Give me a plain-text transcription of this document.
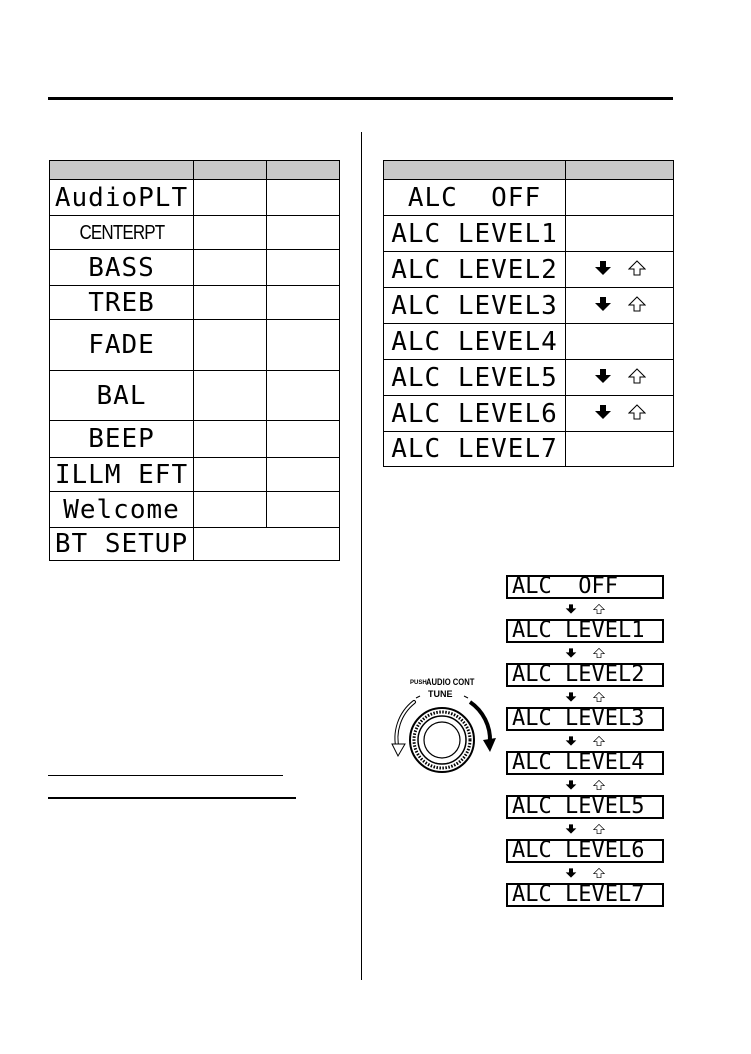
AudioPLT		
CENTERPT		
BASS		
TREB		
FADE		
BAL		
BEEP		
ILLM EFT		
Welcome		
BT SETUP		

ALC  OFF	
ALC LEVEL1	
ALC LEVEL2	

ALC LEVEL3	

ALC LEVEL4	
ALC LEVEL5	

ALC LEVEL6	

ALC LEVEL7	
PUSH AUDIO CONT
TUNE
ALC  OFF
ALC LEVEL1
ALC LEVEL2
ALC LEVEL3
ALC LEVEL4
ALC LEVEL5
ALC LEVEL6
ALC LEVEL7
